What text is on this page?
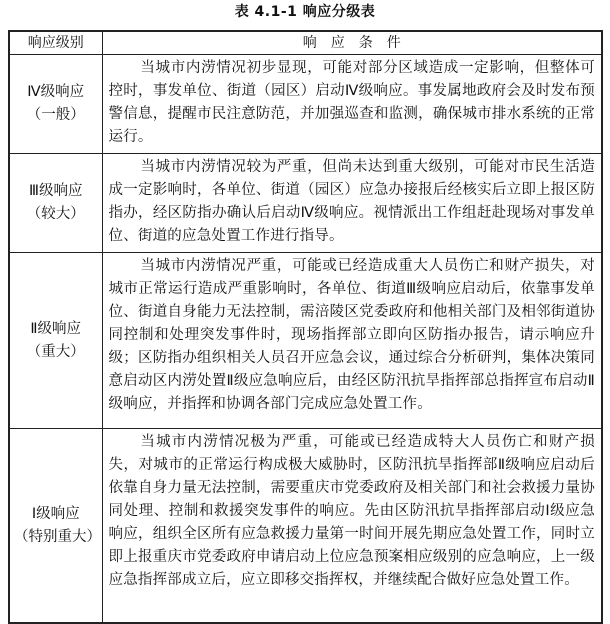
表 4.1-1 响应分级表
响应级别	响应条件

Ⅳ级响应
（一般）	当城市内涝情况初步显现，可能对部分区域造成一定影响，但整体可控时，事发单位、街道（园区）启动Ⅳ级响应。事发属地政府会及时发布预警信息，提醒市民注意防范，并加强巡查和监测，确保城市排水系统的正常运行。

Ⅲ级响应
（较大）	当城市内涝情况较为严重，但尚未达到重大级别，可能对市民生活造成一定影响时，各单位、街道（园区）应急办接报后经核实后立即上报区防指办，经区防指办确认后启动Ⅳ级响应。视情派出工作组赶赴现场对事发单位、街道的应急处置工作进行指导。

Ⅱ级响应
（重大）	当城市内涝情况严重，可能或已经造成重大人员伤亡和财产损失，对城市正常运行造成严重影响时，各单位、街道Ⅲ级响应启动后，依靠事发单位、街道自身能力无法控制，需涪陵区党委政府和他相关部门及相邻街道协同控制和处理突发事件时，现场指挥部立即向区防指办报告，请示响应升级；区防指办组织相关人员召开应急会议，通过综合分析研判，集体决策同意启动区内涝处置Ⅱ级应急响应后，由经区防汛抗旱指挥部总指挥宣布启动Ⅱ级响应，并指挥和协调各部门完成应急处置工作。

Ⅰ级响应
（特别重大）	当城市内涝情况极为严重，可能或已经造成特大人员伤亡和财产损失，对城市的正常运行构成极大威胁时，区防汛抗旱指挥部Ⅱ级响应启动后依靠自身力量无法控制，需要重庆市党委政府及相关部门和社会救援力量协同处理、控制和救援突发事件的响应。先由区防汛抗旱指挥部启动Ⅰ级应急响应，组织全区所有应急救援力量第一时间开展先期应急处置工作，同时立即上报重庆市党委政府申请启动上位应急预案相应级别的应急响应，上一级应急指挥部成立后，应立即移交指挥权，并继续配合做好应急处置工作。
